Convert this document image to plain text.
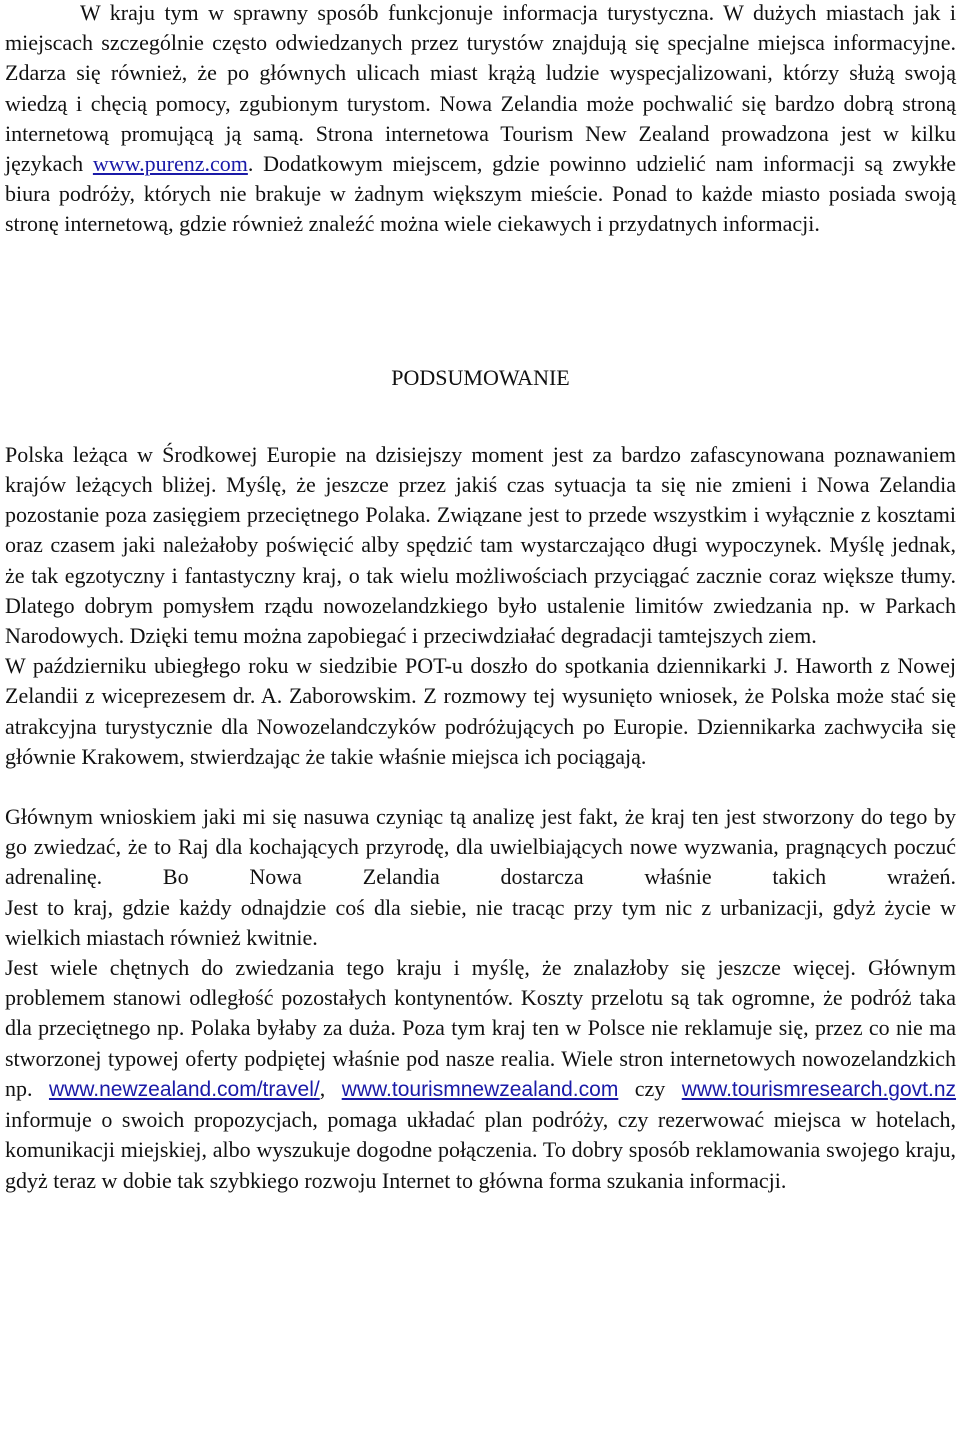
W kraju tym w sprawny sposób funkcjonuje informacja turystyczna. W dużych miastach jak i miejscach szczególnie często odwiedzanych przez turystów znajdują się specjalne miejsca informacyjne. Zdarza się również, że po głównych ulicach miast krążą ludzie wyspecjalizowani, którzy służą swoją wiedzą i chęcią pomocy, zgubionym turystom. Nowa Zelandia może pochwalić się bardzo dobrą stroną internetową promującą ją samą. Strona internetowa Tourism New Zealand prowadzona jest w kilku językach www.purenz.com. Dodatkowym miejscem, gdzie powinno udzielić nam informacji są zwykłe biura podróży, których nie brakuje w żadnym większym mieście. Ponad to każde miasto posiada swoją stronę internetową, gdzie również znaleźć można wiele ciekawych i przydatnych informacji.

PODSUMOWANIE

Polska leżąca w Środkowej Europie na dzisiejszy moment jest za bardzo zafascynowana poznawaniem krajów leżących bliżej. Myślę, że jeszcze przez jakiś czas sytuacja ta się nie zmieni i Nowa Zelandia pozostanie poza zasięgiem przeciętnego Polaka. Związane jest to przede wszystkim i wyłącznie z kosztami oraz czasem jaki należałoby poświęcić alby spędzić tam wystarczająco długi wypoczynek. Myślę jednak, że tak egzotyczny i fantastyczny kraj, o tak wielu możliwościach przyciągać zacznie coraz większe tłumy. Dlatego dobrym pomysłem rządu nowozelandzkiego było ustalenie limitów zwiedzania np. w Parkach Narodowych. Dzięki temu można zapobiegać i przeciwdziałać degradacji tamtejszych ziem.

W październiku ubiegłego roku w siedzibie POT-u doszło do spotkania dziennikarki J. Haworth z Nowej Zelandii z wiceprezesem dr. A. Zaborowskim. Z rozmowy tej wysunięto wniosek, że Polska może stać się atrakcyjna turystycznie dla Nowozelandczyków podróżujących po Europie. Dziennikarka zachwyciła się głównie Krakowem, stwierdzając że takie właśnie miejsca ich pociągają.

Głównym wnioskiem jaki mi się nasuwa czyniąc tą analizę jest fakt, że kraj ten jest stworzony do tego by go zwiedzać, że to Raj dla kochających przyrodę, dla uwielbiających nowe wyzwania, pragnących poczuć adrenalinę. Bo Nowa Zelandia dostarcza właśnie takich wrażeń.

Jest to kraj, gdzie każdy odnajdzie coś dla siebie, nie tracąc przy tym nic z urbanizacji, gdyż życie w wielkich miastach również kwitnie.

Jest wiele chętnych do zwiedzania tego kraju i myślę, że znalazłoby się jeszcze więcej. Głównym problemem stanowi odległość pozostałych kontynentów. Koszty przelotu są tak ogromne, że podróż taka dla przeciętnego np. Polaka byłaby za duża. Poza tym kraj ten w Polsce nie reklamuje się, przez co nie ma stworzonej typowej oferty podpiętej właśnie pod nasze realia. Wiele stron internetowych nowozelandzkich np. www.newzealand.com/travel/, www.tourismnewzealand.com czy www.tourismresearch.govt.nz informuje o swoich propozycjach, pomaga układać plan podróży, czy rezerwować miejsca w hotelach, komunikacji miejskiej, albo wyszukuje dogodne połączenia. To dobry sposób reklamowania swojego kraju, gdyż teraz w dobie tak szybkiego rozwoju Internet to główna forma szukania informacji.
